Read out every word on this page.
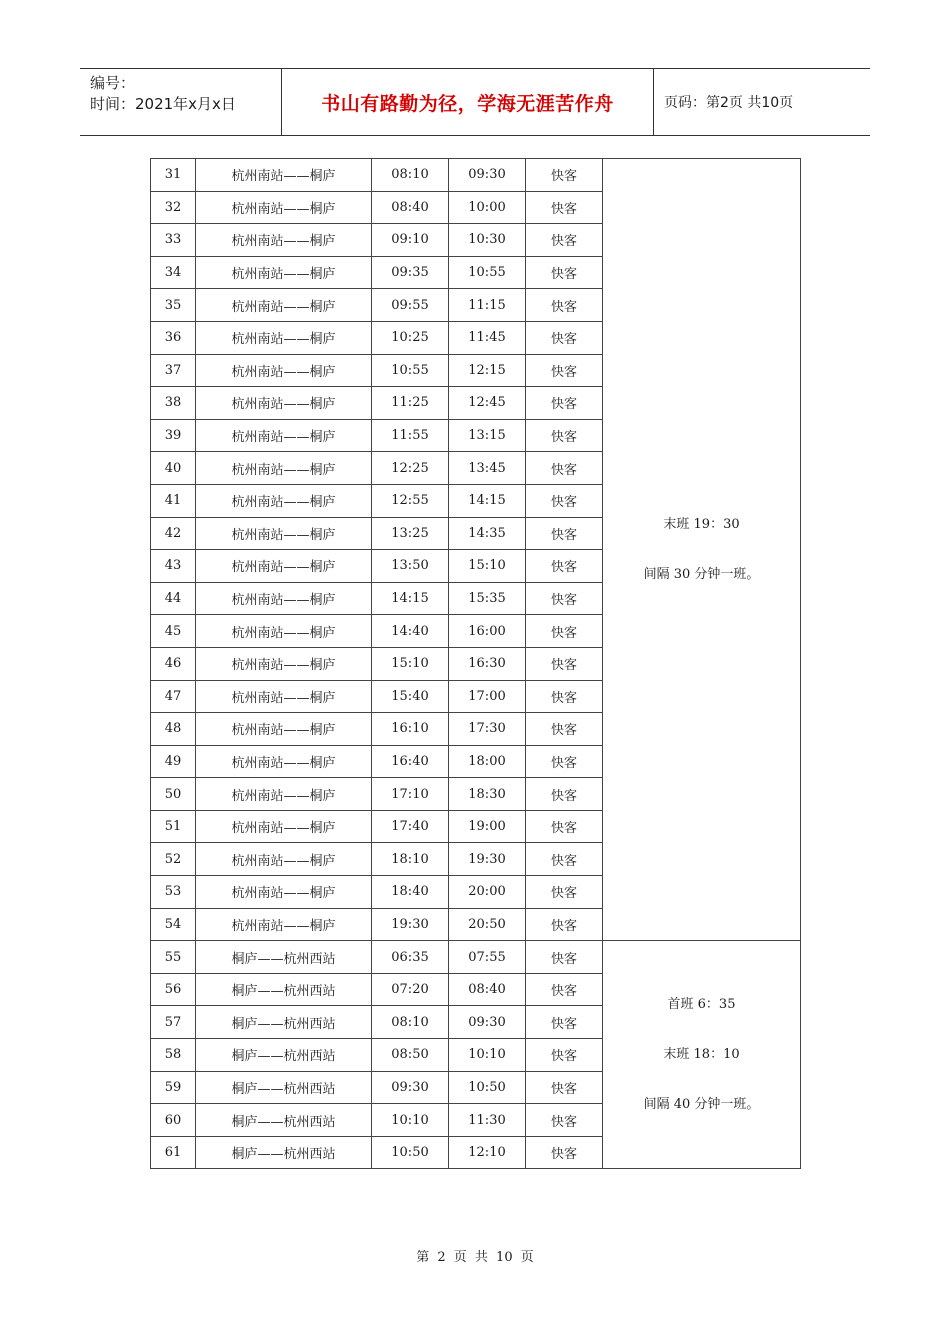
编号：
时间：2021年x月x日	书山有路勤为径，学海无涯苦作舟	页码：第2页 共10页
31	杭州南站——桐庐	08:10	09:30	快客	末班 19：30
间隔 30 分钟一班。

32	杭州南站——桐庐	08:40	10:00	快客	
33	杭州南站——桐庐	09:10	10:30	快客	
34	杭州南站——桐庐	09:35	10:55	快客	
35	杭州南站——桐庐	09:55	11:15	快客	
36	杭州南站——桐庐	10:25	11:45	快客	
37	杭州南站——桐庐	10:55	12:15	快客	
38	杭州南站——桐庐	11:25	12:45	快客	
39	杭州南站——桐庐	11:55	13:15	快客	
40	杭州南站——桐庐	12:25	13:45	快客	
41	杭州南站——桐庐	12:55	14:15	快客	
42	杭州南站——桐庐	13:25	14:35	快客	
43	杭州南站——桐庐	13:50	15:10	快客	
44	杭州南站——桐庐	14:15	15:35	快客	
45	杭州南站——桐庐	14:40	16:00	快客	
46	杭州南站——桐庐	15:10	16:30	快客	
47	杭州南站——桐庐	15:40	17:00	快客	
48	杭州南站——桐庐	16:10	17:30	快客	
49	杭州南站——桐庐	16:40	18:00	快客	
50	杭州南站——桐庐	17:10	18:30	快客	
51	杭州南站——桐庐	17:40	19:00	快客	
52	杭州南站——桐庐	18:10	19:30	快客	
53	杭州南站——桐庐	18:40	20:00	快客	
54	杭州南站——桐庐	19:30	20:50	快客	
55	桐庐——杭州西站	06:35	07:55	快客	首班 6：35
末班 18：10
间隔 40 分钟一班。

56	桐庐——杭州西站	07:20	08:40	快客	
57	桐庐——杭州西站	08:10	09:30	快客	
58	桐庐——杭州西站	08:50	10:10	快客	
59	桐庐——杭州西站	09:30	10:50	快客	
60	桐庐——杭州西站	10:10	11:30	快客	
61	桐庐——杭州西站	10:50	12:10	快客	
第 2 页 共 10 页
